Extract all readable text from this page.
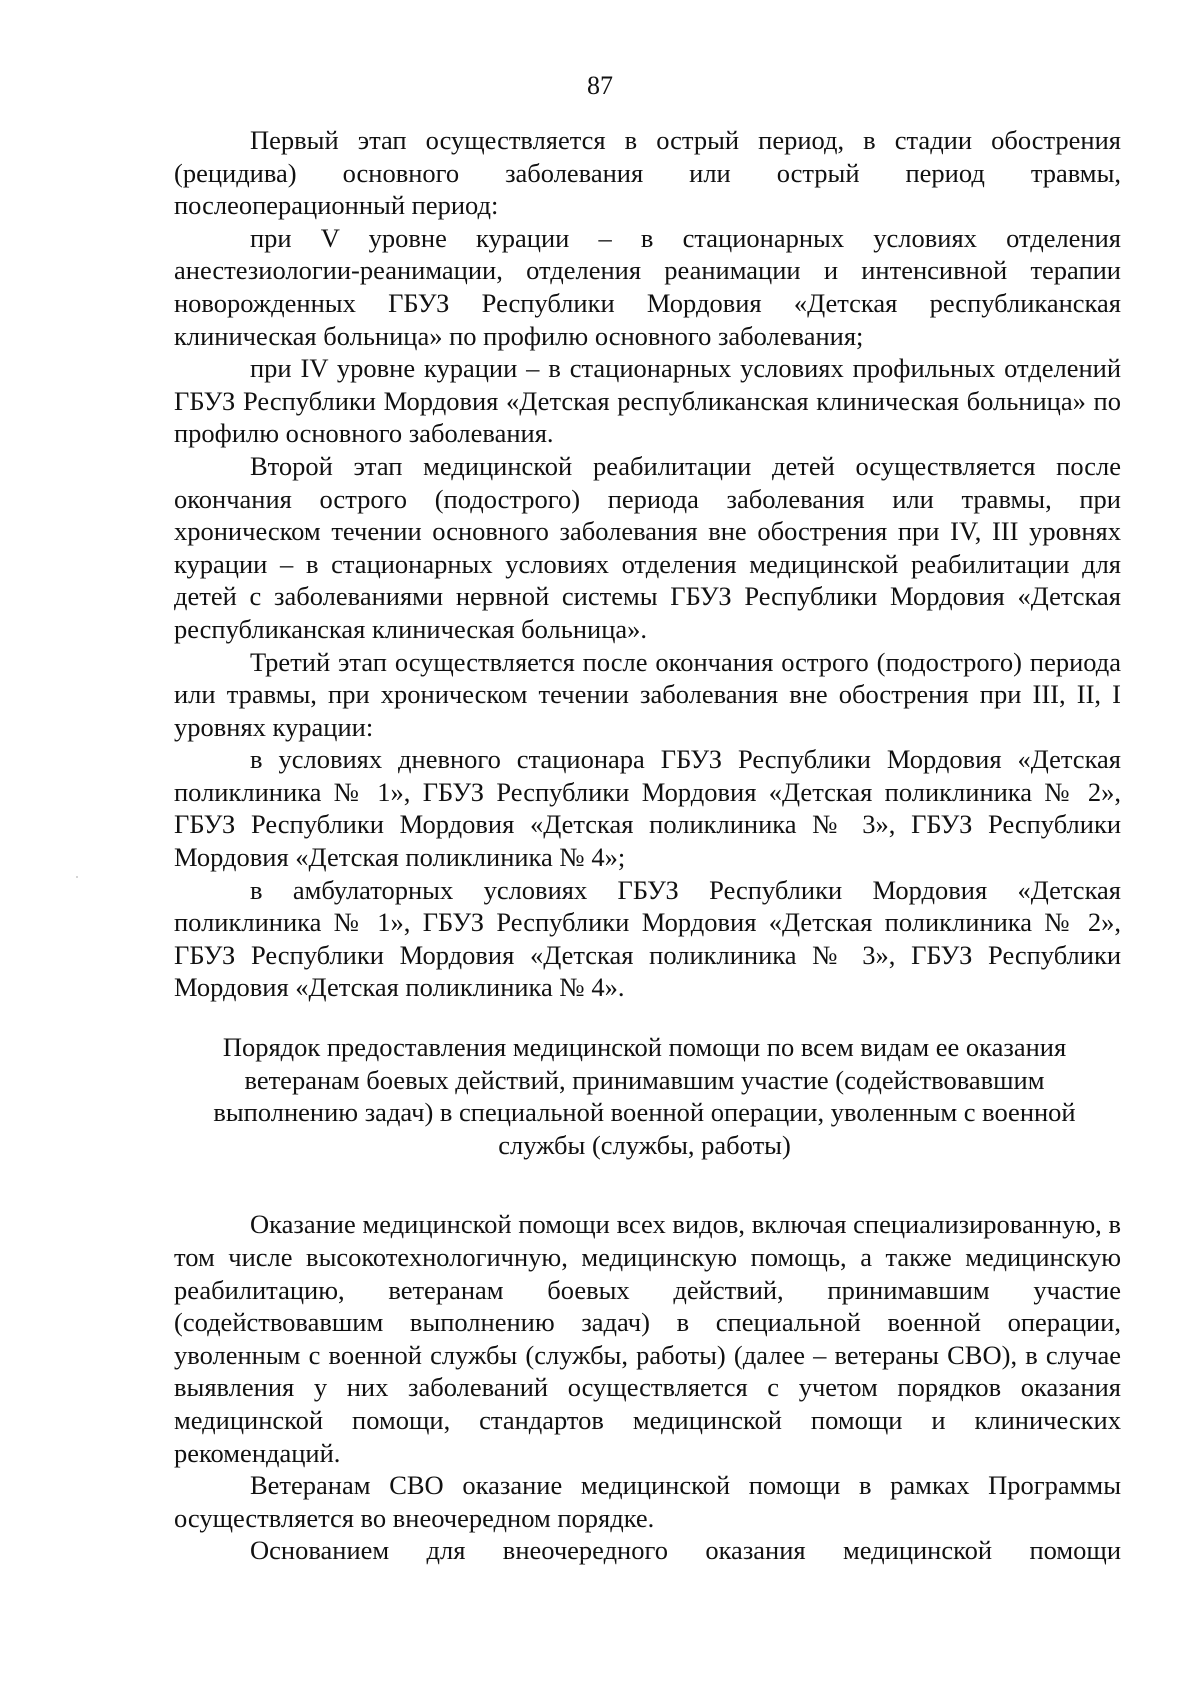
87

Первый этап осуществляется в острый период, в стадии обострения (рецидива) основного заболевания или острый период травмы, послеоперационный период:

при V уровне курации – в стационарных условиях отделения анестезиологии-реанимации, отделения реанимации и интенсивной терапии новорожденных ГБУЗ Республики Мордовия «Детская республиканская клиническая больница» по профилю основного заболевания;

при IV уровне курации – в стационарных условиях профильных отделений ГБУЗ Республики Мордовия «Детская республиканская клиническая больница» по профилю основного заболевания.

Второй этап медицинской реабилитации детей осуществляется после окончания острого (подострого) периода заболевания или травмы, при хроническом течении основного заболевания вне обострения при IV, III уровнях курации – в стационарных условиях отделения медицинской реабилитации для детей с заболеваниями нервной системы ГБУЗ Республики Мордовия «Детская республиканская клиническая больница».

Третий этап осуществляется после окончания острого (подострого) периода или травмы, при хроническом течении заболевания вне обострения при III, II, I уровнях курации:

в условиях дневного стационара ГБУЗ Республики Мордовия «Детская поликлиника № 1», ГБУЗ Республики Мордовия «Детская поликлиника № 2», ГБУЗ Республики Мордовия «Детская поликлиника № 3», ГБУЗ Республики Мордовия «Детская поликлиника № 4»;

в амбулаторных условиях ГБУЗ Республики Мордовия «Детская поликлиника № 1», ГБУЗ Республики Мордовия «Детская поликлиника № 2», ГБУЗ Республики Мордовия «Детская поликлиника № 3», ГБУЗ Республики Мордовия «Детская поликлиника № 4».

Порядок предоставления медицинской помощи по всем видам ее оказания
ветеранам боевых действий, принимавшим участие (содействовавшим
выполнению задач) в специальной военной операции, уволенным с военной
службы (службы, работы)

Оказание медицинской помощи всех видов, включая специализированную, в том числе высокотехнологичную, медицинскую помощь, а также медицинскую реабилитацию, ветеранам боевых действий, принимавшим участие (содействовавшим выполнению задач) в специальной военной операции, уволенным с военной службы (службы, работы) (далее – ветераны СВО), в случае выявления у них заболеваний осуществляется с учетом порядков оказания медицинской помощи, стандартов медицинской помощи и клинических рекомендаций.

Ветеранам СВО оказание медицинской помощи в рамках Программы осуществляется во внеочередном порядке.

Основанием для внеочередного оказания медицинской помощи
